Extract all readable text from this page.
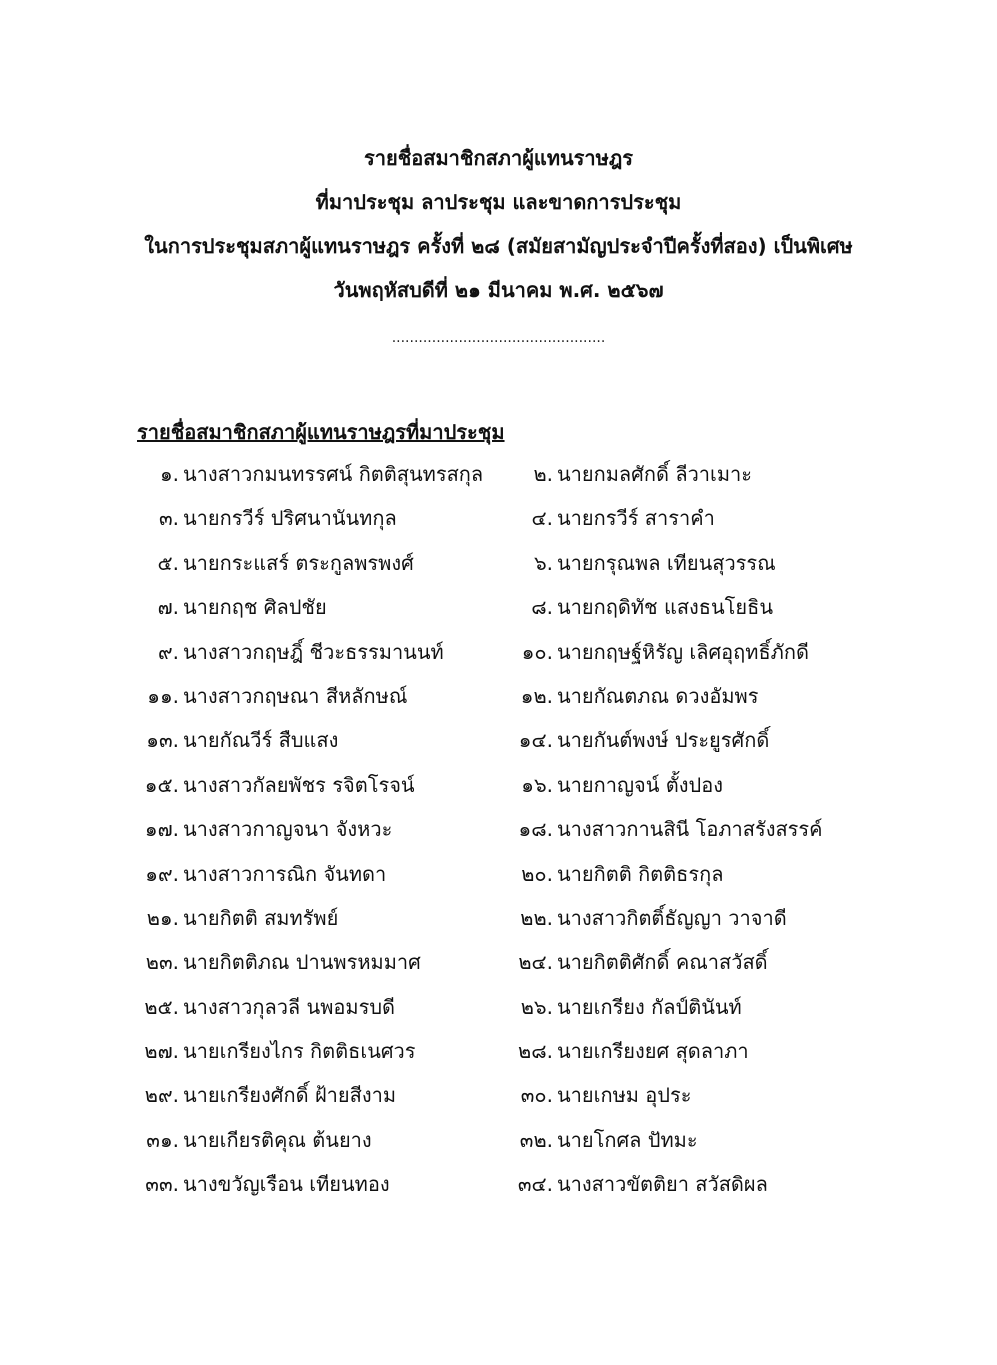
รายชื่อสมาชิกสภาผู้แทนราษฎร
ที่มาประชุม ลาประชุม และขาดการประชุม
ในการประชุมสภาผู้แทนราษฎร ครั้งที่ ๒๘ (สมัยสามัญประจำปีครั้งที่สอง) เป็นพิเศษ
วันพฤหัสบดีที่ ๒๑ มีนาคม พ.ศ. ๒๕๖๗
................................................
รายชื่อสมาชิกสภาผู้แทนราษฎรที่มาประชุม
๑. นางสาวกมนทรรศน์ กิตติสุนทรสกุล	๒. นายกมลศักดิ์ ลีวาเมาะ
๓. นายกรวีร์ ปริศนานันทกุล	๔. นายกรวีร์ สาราคำ
๕. นายกระแสร์ ตระกูลพรพงศ์	๖. นายกรุณพล เทียนสุวรรณ
๗. นายกฤช ศิลปชัย	๘. นายกฤดิทัช แสงธนโยธิน
๙. นางสาวกฤษฎิ์ ชีวะธรรมานนท์	๑๐. นายกฤษฐ์หิรัญ เลิศอุฤทธิ์ภักดี
๑๑. นางสาวกฤษณา สีหลักษณ์	๑๒. นายกัณตภณ ดวงอัมพร
๑๓. นายกัณวีร์ สืบแสง	๑๔. นายกันต์พงษ์ ประยูรศักดิ์
๑๕. นางสาวกัลยพัชร รจิตโรจน์	๑๖. นายกาญจน์ ตั้งปอง
๑๗. นางสาวกาญจนา จังหวะ	๑๘. นางสาวกานสินี โอภาสรังสรรค์
๑๙. นางสาวการณิก จันทดา	๒๐. นายกิตติ กิตติธรกุล
๒๑. นายกิตติ สมทรัพย์	๒๒. นางสาวกิตติ์ธัญญา วาจาดี
๒๓. นายกิตติภณ ปานพรหมมาศ	๒๔. นายกิตติศักดิ์ คณาสวัสดิ์
๒๕. นางสาวกุลวลี นพอมรบดี	๒๖. นายเกรียง กัลป์ตินันท์
๒๗. นายเกรียงไกร กิตติธเนศวร	๒๘. นายเกรียงยศ สุดลาภา
๒๙. นายเกรียงศักดิ์ ฝ้ายสีงาม	๓๐. นายเกษม อุประ
๓๑. นายเกียรติคุณ ต้นยาง	๓๒. นายโกศล ปัทมะ
๓๓. นางขวัญเรือน เทียนทอง	๓๔. นางสาวขัตติยา สวัสดิผล
